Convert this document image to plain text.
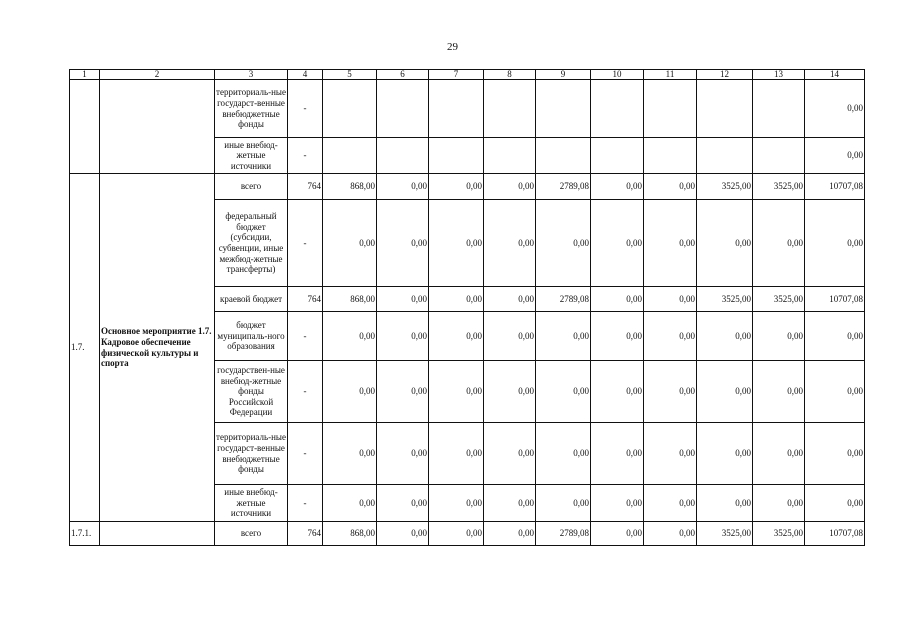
29
1	2	3	4	5	6	7	8	9	10	11	12	13	14
		территориаль-ные государст-венные внебюджетные фонды	-										0,00
		иные внебюд-жетные источники	-										0,00
1.7.	Основное мероприятие 1.7. Кадровое обеспечение физической культуры и спорта	всего	764	868,00	0,00	0,00	0,00	2789,08	0,00	0,00	3525,00	3525,00	10707,08
		федеральный бюджет (субсидии, субвенции, иные межбюд-жетные трансферты)	-	0,00	0,00	0,00	0,00	0,00	0,00	0,00	0,00	0,00	0,00
		краевой бюджет	764	868,00	0,00	0,00	0,00	2789,08	0,00	0,00	3525,00	3525,00	10707,08
		бюджет муниципаль-ного образования	-	0,00	0,00	0,00	0,00	0,00	0,00	0,00	0,00	0,00	0,00
		государствен-ные внебюд-жетные фонды Российской Федерации	-	0,00	0,00	0,00	0,00	0,00	0,00	0,00	0,00	0,00	0,00
		территориаль-ные государст-венные внебюджетные фонды	-	0,00	0,00	0,00	0,00	0,00	0,00	0,00	0,00	0,00	0,00
		иные внебюд-жетные источники	-	0,00	0,00	0,00	0,00	0,00	0,00	0,00	0,00	0,00	0,00
1.7.1.		всего	764	868,00	0,00	0,00	0,00	2789,08	0,00	0,00	3525,00	3525,00	10707,08
